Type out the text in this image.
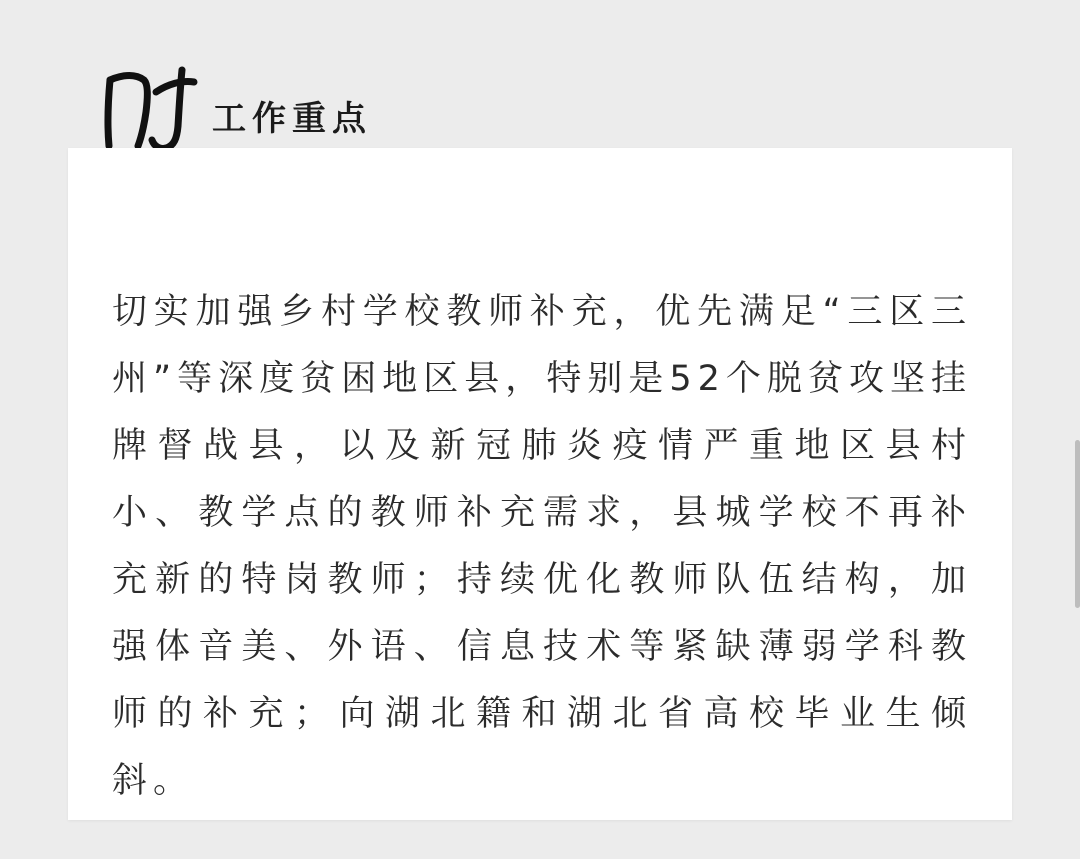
工作重点

切实加强乡村学校教师补充，优先满足“三区三州”等深度贫困地区县，特别是52个脱贫攻坚挂牌督战县，以及新冠肺炎疫情严重地区县村小、教学点的教师补充需求，县城学校不再补充新的特岗教师；持续优化教师队伍结构，加强体音美、外语、信息技术等紧缺薄弱学科教师的补充；向湖北籍和湖北省高校毕业生倾斜。
